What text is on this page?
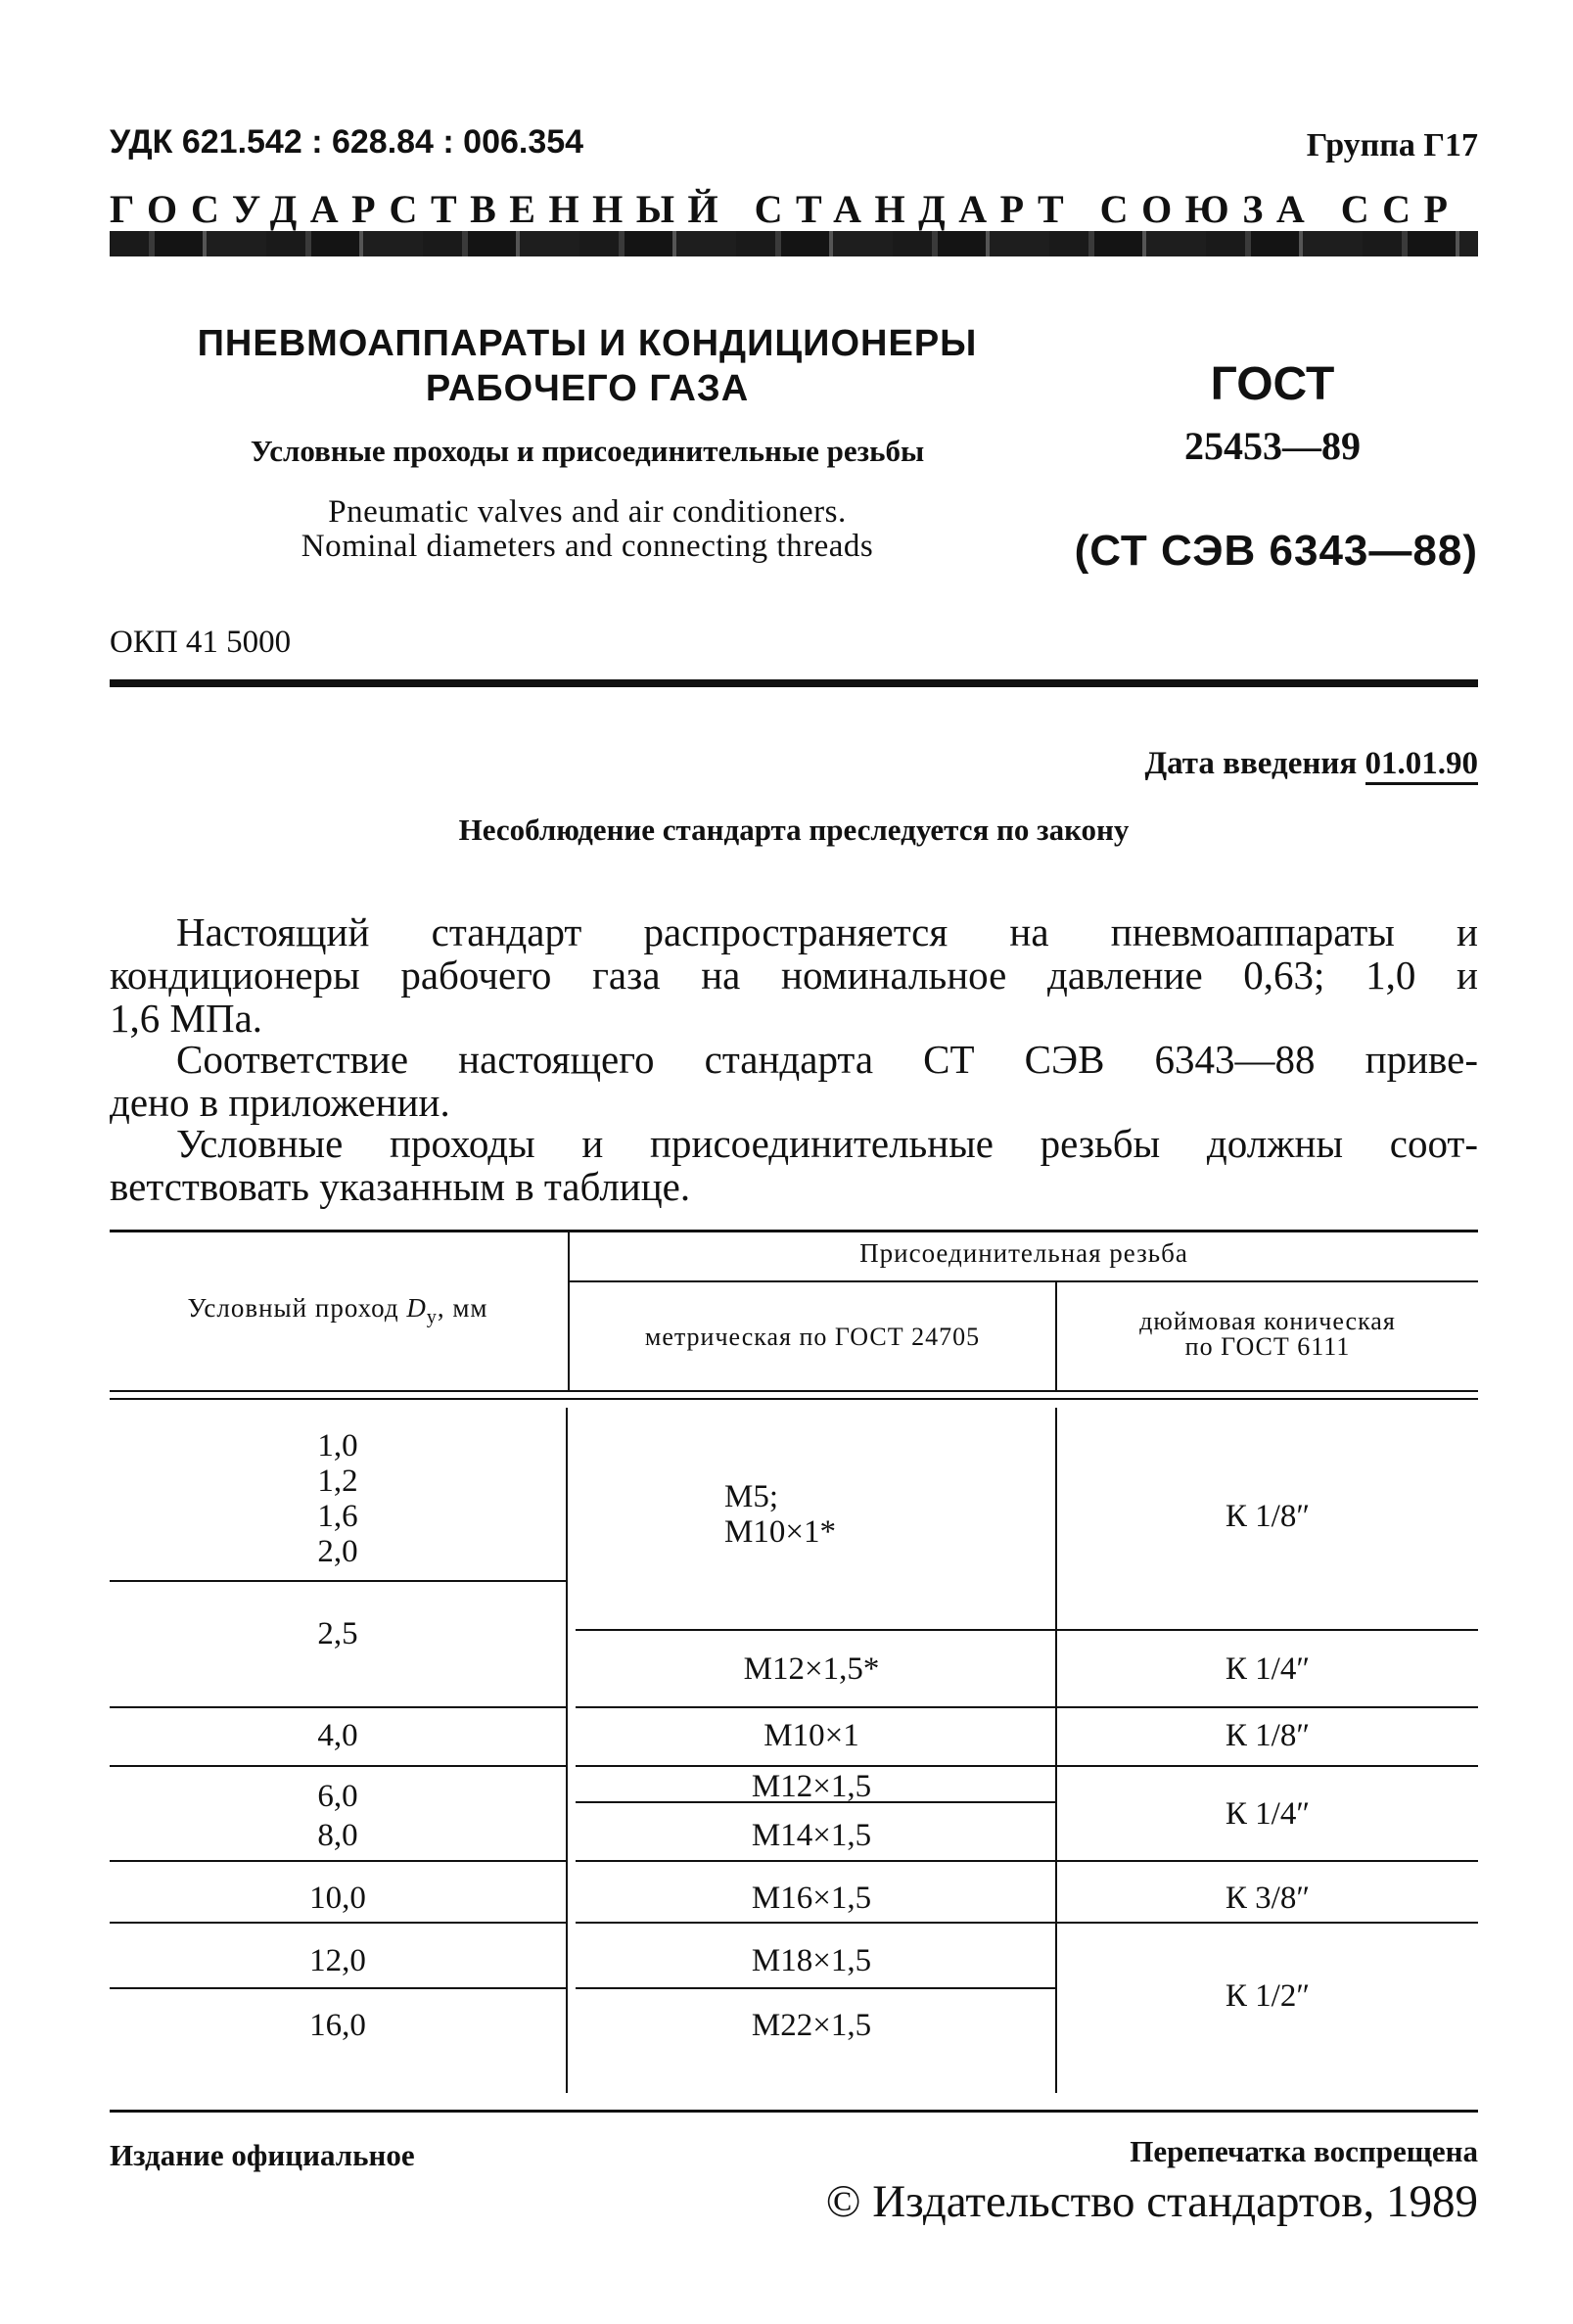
УДК 621.542 : 628.84 : 006.354	Группа Г17
ГОСУДАРСТВЕННЫЙ СТАНДАРТ СОЮЗА ССР
ПНЕВМОАППАРАТЫ И КОНДИЦИОНЕРЫ
РАБОЧЕГО ГАЗА
Условные проходы и присоединительные резьбы
Pneumatic valves and air conditioners.
Nominal diameters and connecting threads
ГОСТ
25453—89
(СТ СЭВ 6343—88)
ОКП 41 5000
Дата введения 01.01.90
Несоблюдение стандарта преследуется по закону
Настоящий стандарт распространяется на пневмоаппараты и
кондиционеры рабочего газа на номинальное давление 0,63; 1,0 и
1,6 МПа.
Соответствие настоящего стандарта СТ СЭВ 6343—88 приве-
дено в приложении.
Условные проходы и присоединительные резьбы должны соот-
ветствовать указанным в таблице.
Условный проход $D_у$, мм
Присоединительная резьба
метрическая по ГОСТ 24705
дюймовая коническая
по ГОСТ 6111
1,0
1,2
1,6
2,0
2,5
4,0
6,0
8,0
10,0
12,0
16,0
М5;
М10×1*
М12×1,5*
М10×1
М12×1,5
М14×1,5
М16×1,5
М18×1,5
М22×1,5
К 1/8″
К 1/4″
К 1/8″
К 1/4″
К 3/8″
К 1/2″
Издание официальное	Перепечатка воспрещена
© Издательство стандартов, 1989
